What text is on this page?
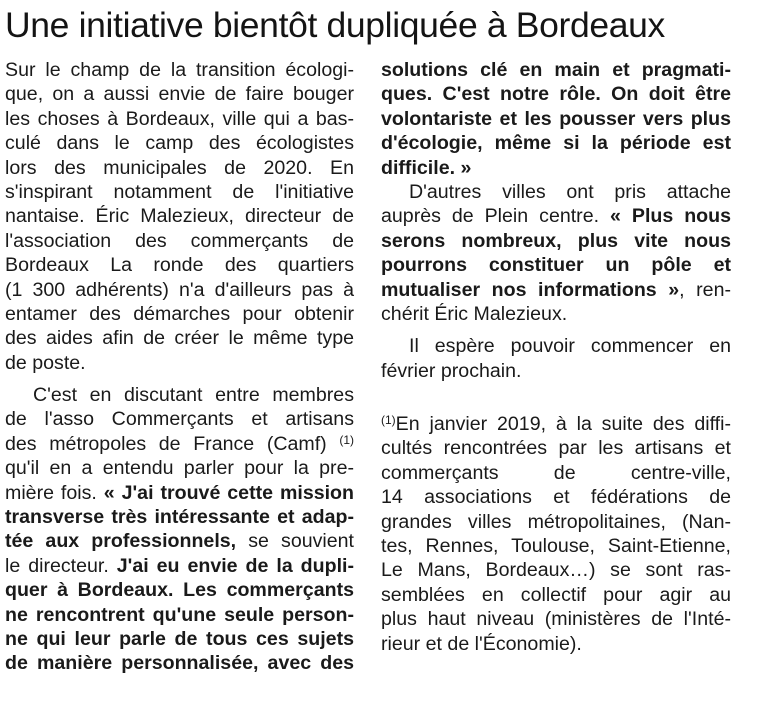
Une initiative bientôt dupliquée à Bordeaux
Sur le champ de la transition écologi-
que, on a aussi envie de faire bouger
les choses à Bordeaux, ville qui a bas-
culé dans le camp des écologistes
lors des municipales de 2020. En
s'inspirant notamment de l'initiative
nantaise. Éric Malezieux, directeur de
l'association des commerçants de
Bordeaux La ronde des quartiers
(1 300 adhérents) n'a d'ailleurs pas à
entamer des démarches pour obtenir
des aides afin de créer le même type
de poste.
C'est en discutant entre membres
de l'asso Commerçants et artisans
des métropoles de France (Camf) $^{(1)}$
qu'il en a entendu parler pour la pre-
mière fois. « J'ai trouvé cette mission
transverse très intéressante et adap-
tée aux professionnels, se souvient
le directeur. J'ai eu envie de la dupli-
quer à Bordeaux. Les commerçants
ne rencontrent qu'une seule person-
ne qui leur parle de tous ces sujets
de manière personnalisée, avec des
solutions clé en main et pragmati-
ques. C'est notre rôle. On doit être
volontariste et les pousser vers plus
d'écologie, même si la période est
difficile. »
D'autres villes ont pris attache
auprès de Plein centre. « Plus nous
serons nombreux, plus vite nous
pourrons constituer un pôle et
mutualiser nos informations », ren-
chérit Éric Malezieux.
Il espère pouvoir commencer en
février prochain.
$^{(1)}$En janvier 2019, à la suite des diffi-
cultés rencontrées par les artisans et
commerçants de centre-ville,
14 associations et fédérations de
grandes villes métropolitaines, (Nan-
tes, Rennes, Toulouse, Saint-Etienne,
Le Mans, Bordeaux…) se sont ras-
semblées en collectif pour agir au
plus haut niveau (ministères de l'Inté-
rieur et de l'Économie).
